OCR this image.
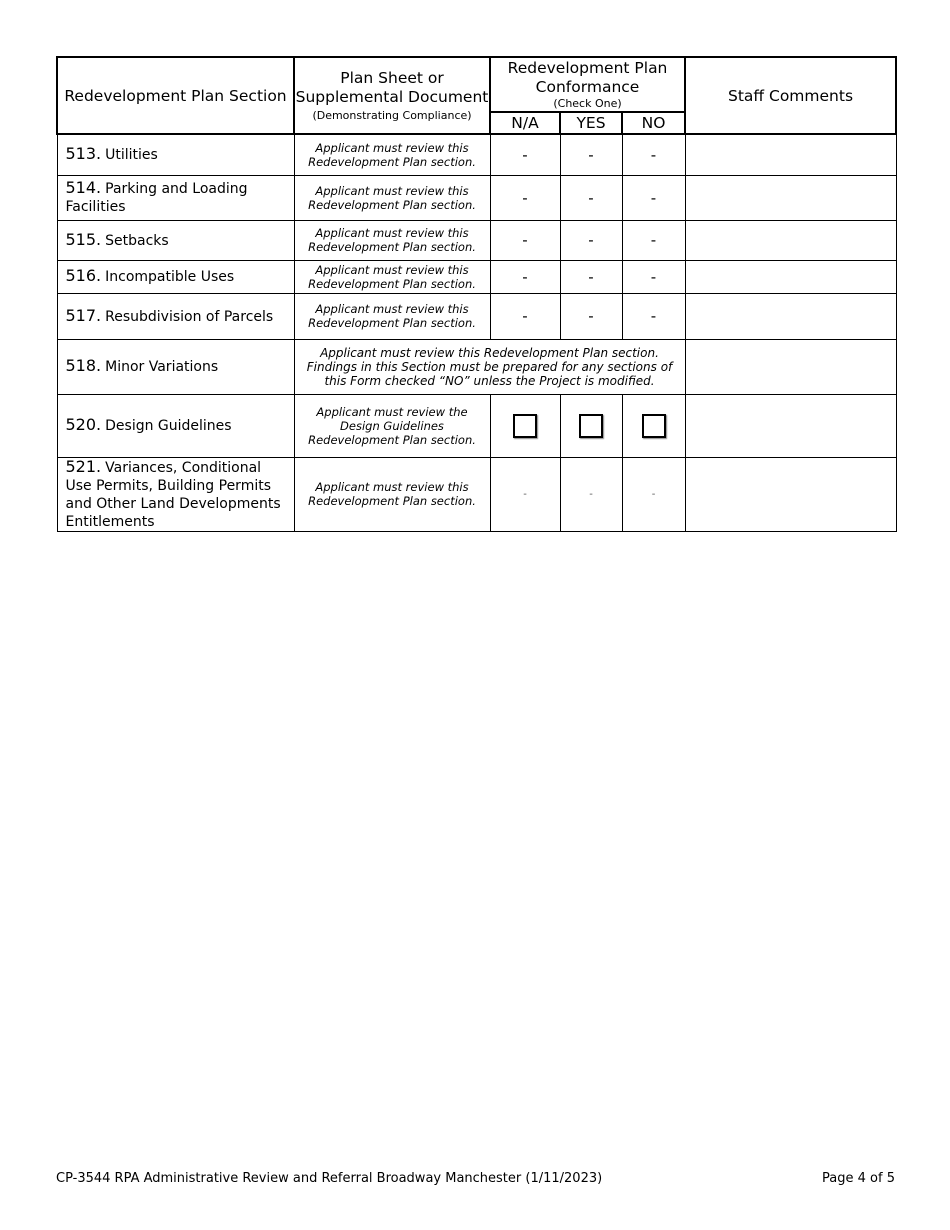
Redevelopment Plan Section	Plan Sheet or Supplemental Document
(Demonstrating Compliance)	Redevelopment Plan Conformance
(Check One)			Staff Comments
		N/A	YES	NO	
513. Utilities	Applicant must review this Redevelopment Plan section.	-	-	-	
514. Parking and Loading Facilities	Applicant must review this Redevelopment Plan section.	-	-	-	
515. Setbacks	Applicant must review this Redevelopment Plan section.	-	-	-	
516. Incompatible Uses	Applicant must review this Redevelopment Plan section.	-	-	-	
517. Resubdivision of Parcels	Applicant must review this Redevelopment Plan section.	-	-	-	
518. Minor Variations	Applicant must review this Redevelopment Plan section. Findings in this Section must be prepared for any sections of this Form checked “NO” unless the Project is modified.				
520. Design Guidelines	Applicant must review the Design Guidelines Redevelopment Plan section.				
521. Variances, Conditional Use Permits, Building Permits and Other Land Developments Entitlements	Applicant must review this Redevelopment Plan section.	-	-	-	
CP-3544 RPA Administrative Review and Referral Broadway Manchester (1/11/2023)	Page 4 of 5
